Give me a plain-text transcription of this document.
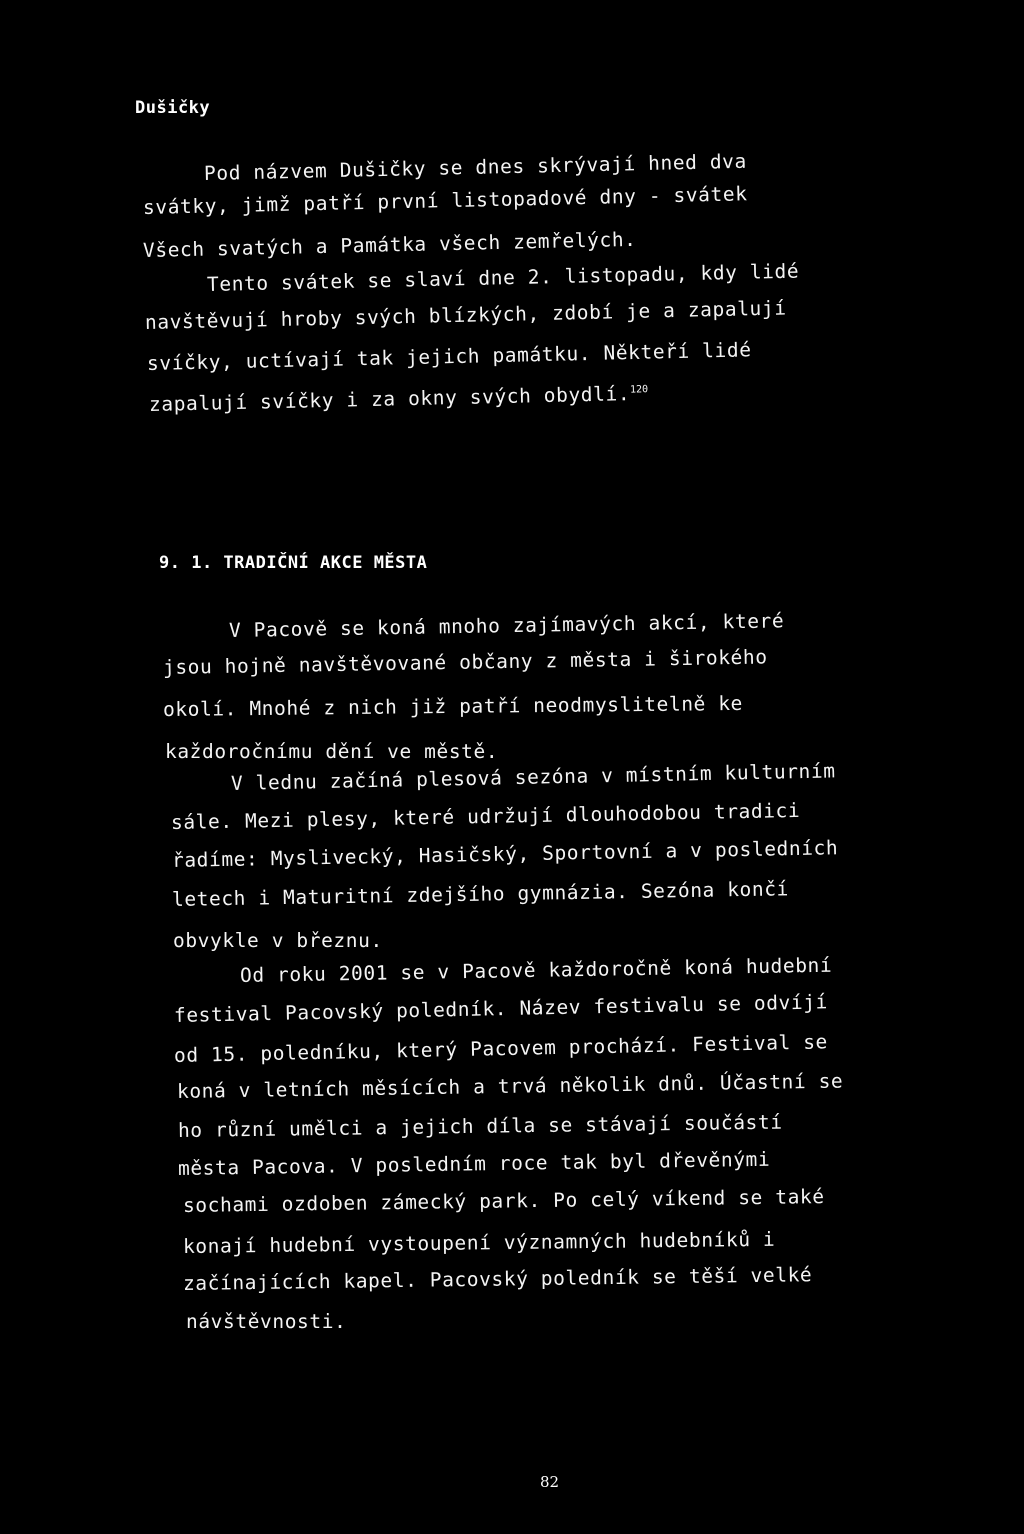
Dušičky
Pod názvem Dušičky se dnes skrývají hned dva
svátky, jimž patří první listopadové dny - svátek
Všech svatých a Památka všech zemřelých.
Tento svátek se slaví dne 2. listopadu, kdy lidé
navštěvují hroby svých blízkých, zdobí je a zapalují
svíčky, uctívají tak jejich památku. Někteří lidé
zapalují svíčky i za okny svých obydlí.$^{120}$
9. 1. TRADIČNÍ AKCE MĚSTA
V Pacově se koná mnoho zajímavých akcí, které
jsou hojně navštěvované občany z města i širokého
okolí. Mnohé z nich již patří neodmyslitelně ke
každoročnímu dění ve městě.
V lednu začíná plesová sezóna v místním kulturním
sále. Mezi plesy, které udržují dlouhodobou tradici
řadíme: Myslivecký, Hasičský, Sportovní a v posledních
letech i Maturitní zdejšího gymnázia. Sezóna končí
obvykle v březnu.
Od roku 2001 se v Pacově každoročně koná hudební
festival Pacovský poledník. Název festivalu se odvíjí
od 15. poledníku, který Pacovem prochází. Festival se
koná v letních měsících a trvá několik dnů. Účastní se
ho různí umělci a jejich díla se stávají součástí
města Pacova. V posledním roce tak byl dřevěnými
sochami ozdoben zámecký park. Po celý víkend se také
konají hudební vystoupení významných hudebníků i
začínajících kapel. Pacovský poledník se těší velké
návštěvnosti.
82
